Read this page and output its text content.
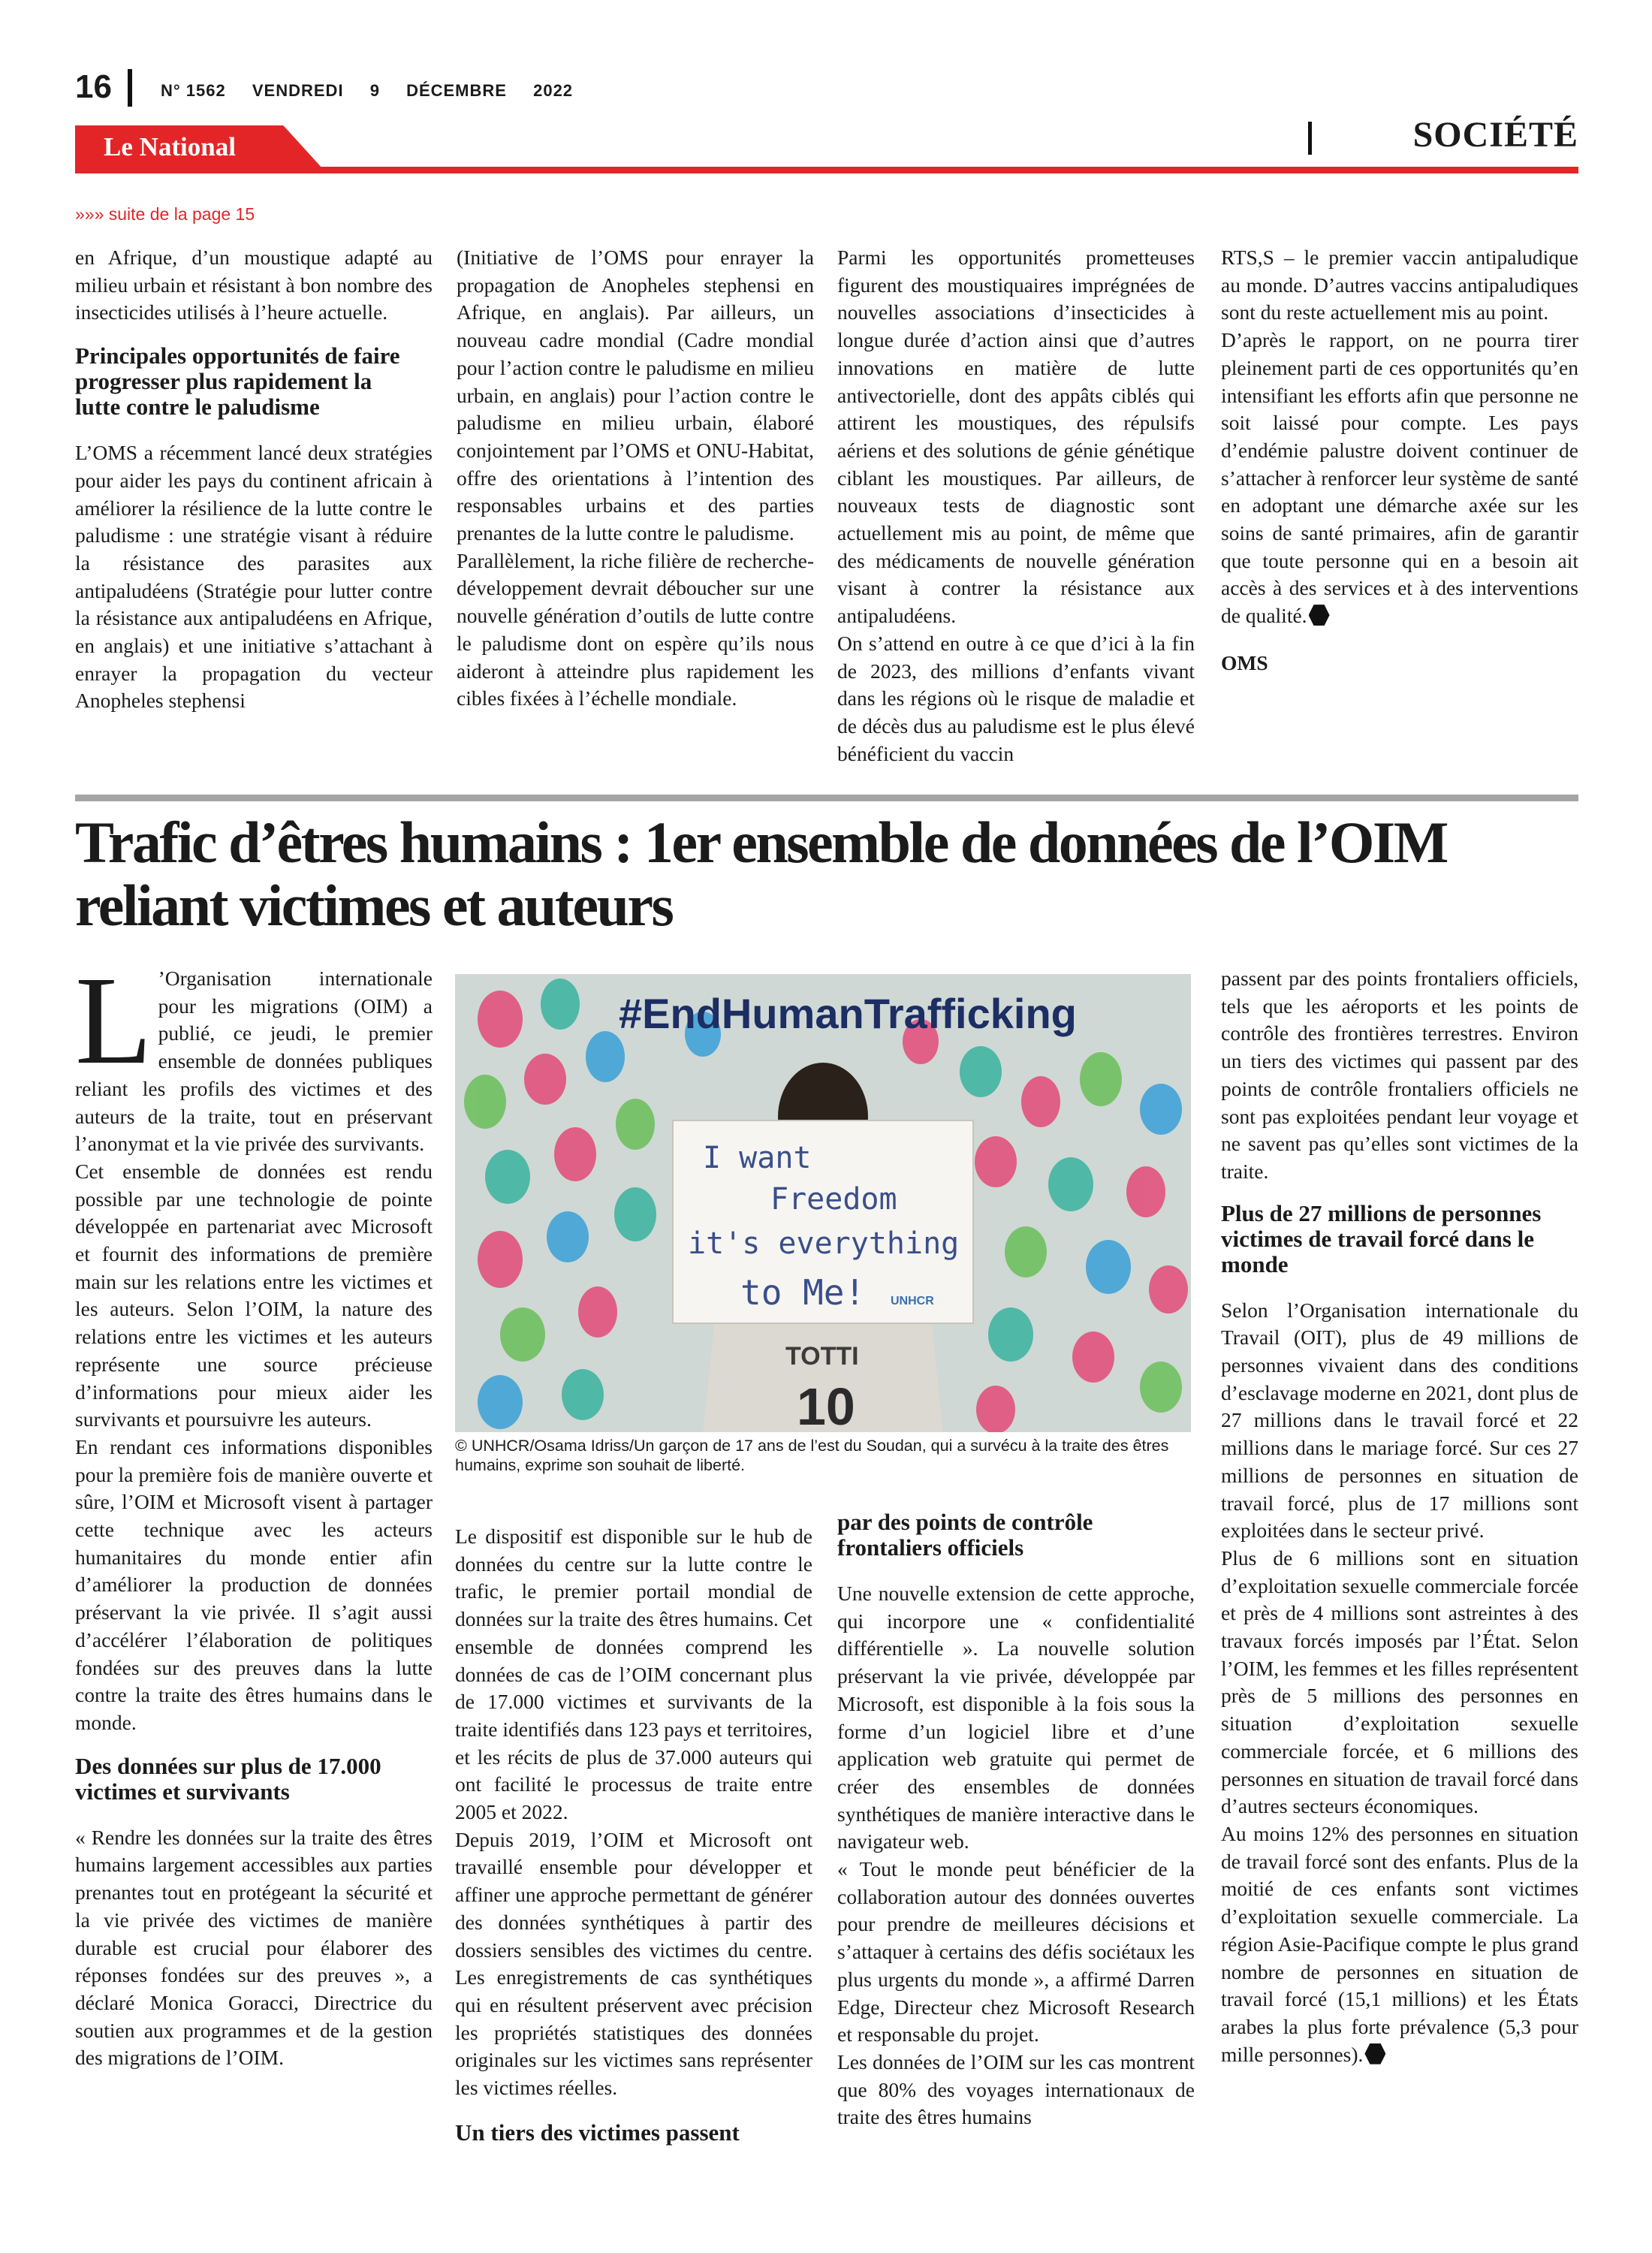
16	N° 1562 VENDREDI 9 DÉCEMBRE 2022
Le National	SOCIÉTÉ
»»» suite de la page 15

en Afrique, d’un moustique adapté au milieu urbain et résistant à bon nombre des insecticides utilisés à l’heure actuelle.

Principales opportunités de faire progresser plus rapidement la lutte contre le paludisme

L’OMS a récemment lancé deux stratégies pour aider les pays du continent africain à améliorer la résilience de la lutte contre le paludisme : une stratégie visant à réduire la résistance des parasites aux antipaludéens (Stratégie pour lutter contre la résistance aux antipaludéens en Afrique, en anglais) et une initiative s’attachant à enrayer la propagation du vecteur Anopheles stephensi

(Initiative de l’OMS pour enrayer la propagation de Anopheles stephensi en Afrique, en anglais). Par ailleurs, un nouveau cadre mondial (Cadre mondial pour l’action contre le paludisme en milieu urbain, en anglais) pour l’action contre le paludisme en milieu urbain, élaboré conjointement par l’OMS et ONU-Habitat, offre des orientations à l’intention des responsables urbains et des parties prenantes de la lutte contre le paludisme.

Parallèlement, la riche filière de recherche-développement devrait déboucher sur une nouvelle génération d’outils de lutte contre le paludisme dont on espère qu’ils nous aideront à atteindre plus rapidement les cibles fixées à l’échelle mondiale.

Parmi les opportunités prometteuses figurent des moustiquaires imprégnées de nouvelles associations d’insecticides à longue durée d’action ainsi que d’autres innovations en matière de lutte antivectorielle, dont des appâts ciblés qui attirent les moustiques, des répulsifs aériens et des solutions de génie génétique ciblant les moustiques. Par ailleurs, de nouveaux tests de diagnostic sont actuellement mis au point, de même que des médicaments de nouvelle génération visant à contrer la résistance aux antipaludéens.

On s’attend en outre à ce que d’ici à la fin de 2023, des millions d’enfants vivant dans les régions où le risque de maladie et de décès dus au paludisme est le plus élevé bénéficient du vaccin

RTS,S – le premier vaccin antipaludique au monde. D’autres vaccins antipaludiques sont du reste actuellement mis au point.

D’après le rapport, on ne pourra tirer pleinement parti de ces opportunités qu’en intensifiant les efforts afin que personne ne soit laissé pour compte. Les pays d’endémie palustre doivent continuer de s’attacher à renforcer leur système de santé en adoptant une démarche axée sur les soins de santé primaires, afin de garantir que toute personne qui en a besoin ait accès à des services et à des interventions de qualité.

OMS

Trafic d’êtres humains : 1er ensemble de données de l’OIM reliant victimes et auteurs

L ’Organisation internationale pour les migrations (OIM) a publié, ce jeudi, le premier ensemble de données publiques reliant les profils des victimes et des auteurs de la traite, tout en préservant l’anonymat et la vie privée des survivants.

Cet ensemble de données est rendu possible par une technologie de pointe développée en partenariat avec Microsoft et fournit des informations de première main sur les relations entre les victimes et les auteurs. Selon l’OIM, la nature des relations entre les victimes et les auteurs représente une source précieuse d’informations pour mieux aider les survivants et poursuivre les auteurs.

En rendant ces informations disponibles pour la première fois de manière ouverte et sûre, l’OIM et Microsoft visent à partager cette technique avec les acteurs humanitaires du monde entier afin d’améliorer la production de données préservant la vie privée. Il s’agit aussi d’accélérer l’élaboration de politiques fondées sur des preuves dans la lutte contre la traite des êtres humains dans le monde.

Des données sur plus de 17.000 victimes et survivants

« Rendre les données sur la traite des êtres humains largement accessibles aux parties prenantes tout en protégeant la sécurité et la vie privée des victimes de manière durable est crucial pour élaborer des réponses fondées sur des preuves », a déclaré Monica Goracci, Directrice du soutien aux programmes et de la gestion des migrations de l’OIM.

I want
Freedom
it's everything
to Me! UNHCR
TOTTI
10
#EndHumanTrafficking
© UNHCR/Osama Idriss/Un garçon de 17 ans de l’est du Soudan, qui a survécu à la traite des êtres humains, exprime son souhait de liberté.

Le dispositif est disponible sur le hub de données du centre sur la lutte contre le trafic, le premier portail mondial de données sur la traite des êtres humains. Cet ensemble de données comprend les données de cas de l’OIM concernant plus de 17.000 victimes et survivants de la traite identifiés dans 123 pays et territoires, et les récits de plus de 37.000 auteurs qui ont facilité le processus de traite entre 2005 et 2022.

Depuis 2019, l’OIM et Microsoft ont travaillé ensemble pour développer et affiner une approche permettant de générer des données synthétiques à partir des dossiers sensibles des victimes du centre. Les enregistrements de cas synthétiques qui en résultent préservent avec précision les propriétés statistiques des données originales sur les victimes sans représenter les victimes réelles.

Un tiers des victimes passent

par des points de contrôle frontaliers officiels

Une nouvelle extension de cette approche, qui incorpore une « confidentialité différentielle ». La nouvelle solution préservant la vie privée, développée par Microsoft, est disponible à la fois sous la forme d’un logiciel libre et d’une application web gratuite qui permet de créer des ensembles de données synthétiques de manière interactive dans le navigateur web.

« Tout le monde peut bénéficier de la collaboration autour des données ouvertes pour prendre de meilleures décisions et s’attaquer à certains des défis sociétaux les plus urgents du monde », a affirmé Darren Edge, Directeur chez Microsoft Research et responsable du projet.

Les données de l’OIM sur les cas montrent que 80% des voyages internationaux de traite des êtres humains

passent par des points frontaliers officiels, tels que les aéroports et les points de contrôle des frontières terrestres. Environ un tiers des victimes qui passent par des points de contrôle frontaliers officiels ne sont pas exploitées pendant leur voyage et ne savent pas qu’elles sont victimes de la traite.

Plus de 27 millions de personnes victimes de travail forcé dans le monde

Selon l’Organisation internationale du Travail (OIT), plus de 49 millions de personnes vivaient dans des conditions d’esclavage moderne en 2021, dont plus de 27 millions dans le travail forcé et 22 millions dans le mariage forcé. Sur ces 27 millions de personnes en situation de travail forcé, plus de 17 millions sont exploitées dans le secteur privé.

Plus de 6 millions sont en situation d’exploitation sexuelle commerciale forcée et près de 4 millions sont astreintes à des travaux forcés imposés par l’État. Selon l’OIM, les femmes et les filles représentent près de 5 millions des personnes en situation d’exploitation sexuelle commerciale forcée, et 6 millions des personnes en situation de travail forcé dans d’autres secteurs économiques.

Au moins 12% des personnes en situation de travail forcé sont des enfants. Plus de la moitié de ces enfants sont victimes d’exploitation sexuelle commerciale. La région Asie-Pacifique compte le plus grand nombre de personnes en situation de travail forcé (15,1 millions) et les États arabes la plus forte prévalence (5,3 pour mille personnes).
